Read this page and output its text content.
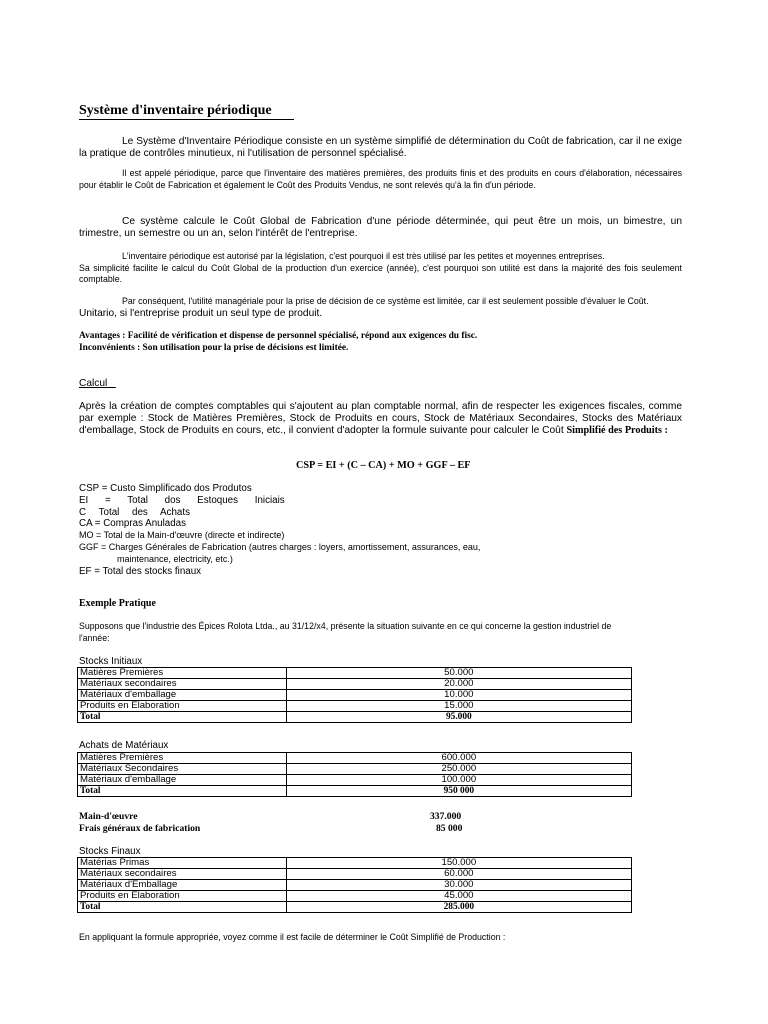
Système d'inventaire périodique
Le Système d'Inventaire Périodique consiste en un système simplifié de détermination du Coût de fabrication, car il ne exige la pratique de contrôles minutieux, ni l'utilisation de personnel spécialisé.
Il est appelé périodique, parce que l'inventaire des matières premières, des produits finis et des produits en cours d'élaboration, nécessaires pour établir le Coût de Fabrication et également le Coût des Produits Vendus, ne sont relevés qu'à la fin d'un période.
Ce système calcule le Coût Global de Fabrication d'une période déterminée, qui peut être un mois, un bimestre, un trimestre, un semestre ou un an, selon l'intérêt de l'entreprise.
L'inventaire périodique est autorisé par la législation, c'est pourquoi il est très utilisé par les petites et moyennes entreprises.
Sa simplicité facilite le calcul du Coût Global de la production d'un exercice (année), c'est pourquoi son utilité est dans la majorité des fois seulement comptable.
Par conséquent, l'utilité managériale pour la prise de décision de ce système est limitée, car il est seulement possible d'évaluer le Coût.
Unitario, si l'entreprise produit un seul type de produit.
Avantages : Facilité de vérification et dispense de personnel spécialisé, répond aux exigences du fisc.
Inconvénients : Son utilisation pour la prise de décisions est limitée.
Calcul
Après la création de comptes comptables qui s'ajoutent au plan comptable normal, afin de respecter les exigences fiscales, comme par exemple : Stock de Matières Premières, Stock de Produits en cours, Stock de Matériaux Secondaires, Stocks des Matériaux d'emballage, Stock de Produits en cours, etc., il convient d'adopter la formule suivante pour calculer le Coût Simplifié des Produits :
CSP = EI + (C – CA) + MO + GGF – EF
CSP = Custo Simplificado dos Produtos
EI = Total dos Estoques Iniciais
C Total des Achats
CA = Compras Anuladas
MO = Total de la Main-d'œuvre (directe et indirecte)
GGF = Charges Générales de Fabrication (autres charges : loyers, amortissement, assurances, eau,
maintenance, electricity, etc.)
EF = Total des stocks finaux
Exemple Pratique
Supposons que l'industrie des Épices Rolota Ltda., au 31/12/x4, présente la situation suivante en ce qui concerne la gestion industriel de l'année:
Stocks Initiaux
Matières Premières	50.000
Matériaux secondaires	20.000
Matériaux d'emballage	10.000
Produits en Élaboration	15.000
Total	95.000
Achats de Matériaux
Matières Premières	600.000
Matériaux Secondaires	250.000
Matériaux d'emballage	100.000
Total	950 000
Main-d'œuvre	337.000
Frais généraux de fabrication	85 000
Stocks Finaux
Matérias Primas	150.000
Matériaux secondaires	60.000
Matériaux d'Emballage	30.000
Produits en Élaboration	45.000
Total	285.000
En appliquant la formule appropriée, voyez comme il est facile de déterminer le Coût Simplifié de Production :
